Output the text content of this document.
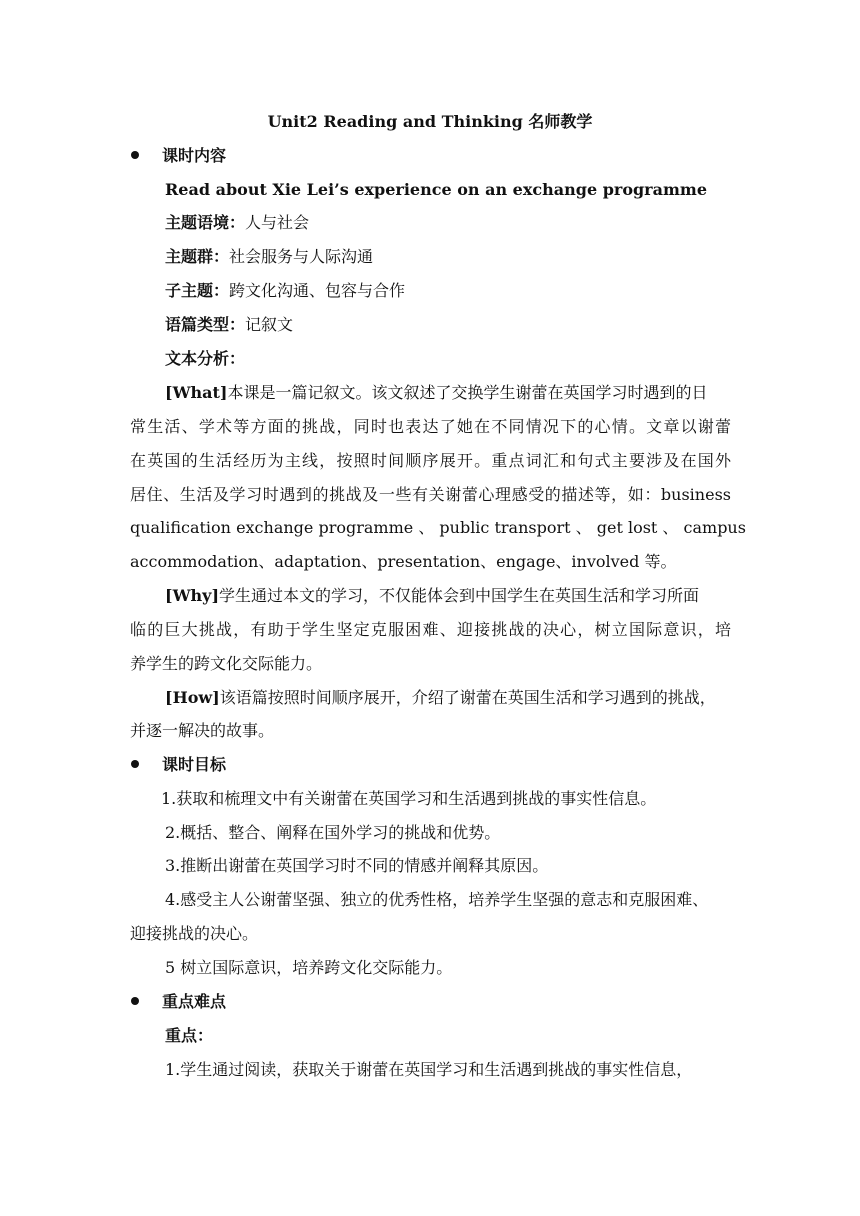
Unit2 Reading and Thinking 名师教学
课时内容
Read about Xie Lei’s experience on an exchange programme
主题语境：人与社会
主题群：社会服务与人际沟通
子主题：跨文化沟通、包容与合作
语篇类型：记叙文
文本分析：
[What]本课是一篇记叙文。该文叙述了交换学生谢蕾在英国学习时遇到的日
常生活、学术等方面的挑战，同时也表达了她在不同情况下的心情。文章以谢蕾
在英国的生活经历为主线，按照时间顺序展开。重点词汇和句式主要涉及在国外
居住、生活及学习时遇到的挑战及一些有关谢蕾心理感受的描述等，如：business
qualification exchange programme 、 public transport 、 get lost 、 campus
accommodation、adaptation、presentation、engage、involved 等。
[Why]学生通过本文的学习，不仅能体会到中国学生在英国生活和学习所面
临的巨大挑战，有助于学生坚定克服困难、迎接挑战的决心，树立国际意识，培
养学生的跨文化交际能力。
[How]该语篇按照时间顺序展开，介绍了谢蕾在英国生活和学习遇到的挑战，
并逐一解决的故事。
课时目标
1.获取和梳理文中有关谢蕾在英国学习和生活遇到挑战的事实性信息。
2.概括、整合、阐释在国外学习的挑战和优势。
3.推断出谢蕾在英国学习时不同的情感并阐释其原因。
4.感受主人公谢蕾坚强、独立的优秀性格，培养学生坚强的意志和克服困难、
迎接挑战的决心。
5 树立国际意识，培养跨文化交际能力。
重点难点
重点：
1.学生通过阅读，获取关于谢蕾在英国学习和生活遇到挑战的事实性信息，
